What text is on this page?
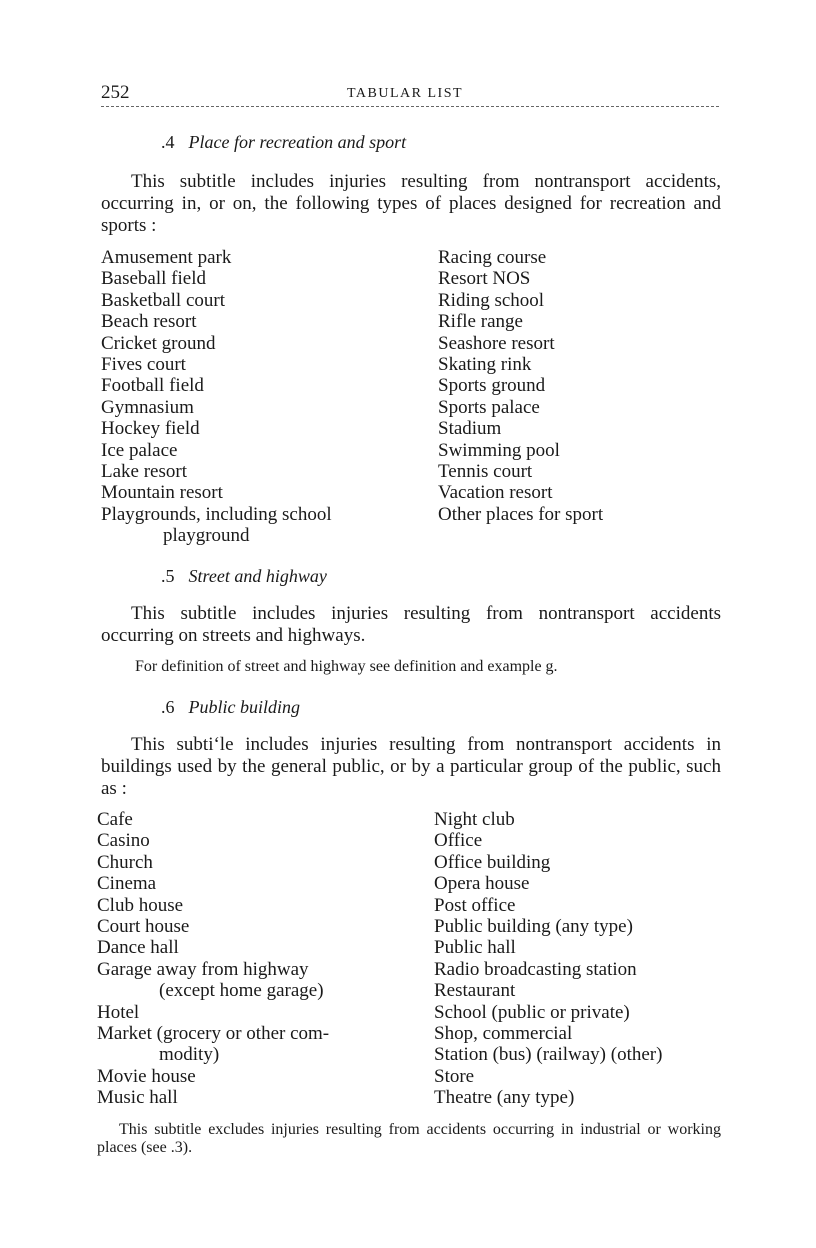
252	TABULAR LIST
.4 Place for recreation and sport
This subtitle includes injuries resulting from nontransport accidents, occurring in, or on, the following types of places designed for recreation and sports :
Amusement park
Baseball field
Basketball court
Beach resort
Cricket ground
Fives court
Football field
Gymnasium
Hockey field
Ice palace
Lake resort
Mountain resort
Playgrounds, including school
playground
Racing course
Resort NOS
Riding school
Rifle range
Seashore resort
Skating rink
Sports ground
Sports palace
Stadium
Swimming pool
Tennis court
Vacation resort
Other places for sport
.5 Street and highway
This subtitle includes injuries resulting from nontransport accidents occurring on streets and highways.
For definition of street and highway see definition and example g.
.6 Public building
This subti‘le includes injuries resulting from nontransport accidents in buildings used by the general public, or by a particular group of the public, such as :
Cafe
Casino
Church
Cinema
Club house
Court house
Dance hall
Garage away from highway
(except home garage)
Hotel
Market (grocery or other com-
modity)
Movie house
Music hall
Night club
Office
Office building
Opera house
Post office
Public building (any type)
Public hall
Radio broadcasting station
Restaurant
School (public or private)
Shop, commercial
Station (bus) (railway) (other)
Store
Theatre (any type)
This subtitle excludes injuries resulting from accidents occurring in industrial or working places (see .3).
